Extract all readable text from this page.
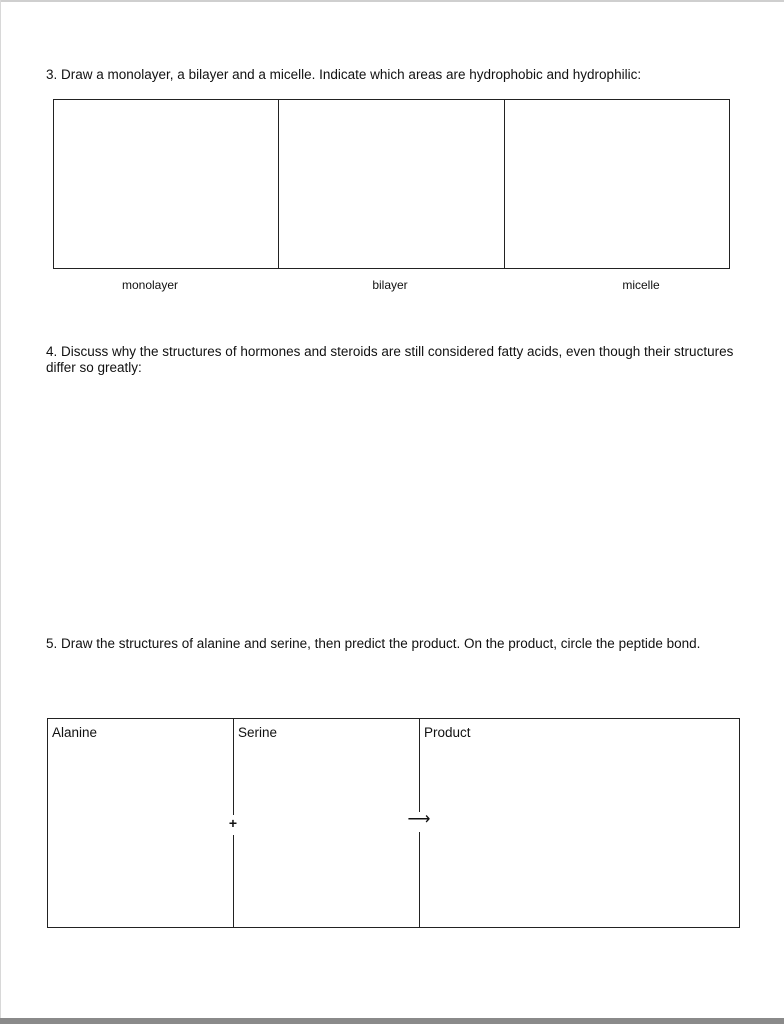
3. Draw a monolayer, a bilayer and a micelle. Indicate which areas are hydrophobic and hydrophilic:
monolayer	bilayer	micelle
4. Discuss why the structures of hormones and steroids are still considered fatty acids, even though their structures differ so greatly:
5. Draw the structures of alanine and serine, then predict the product. On the product, circle the peptide bond.
Alanine	Serine	Product
+	⟶
